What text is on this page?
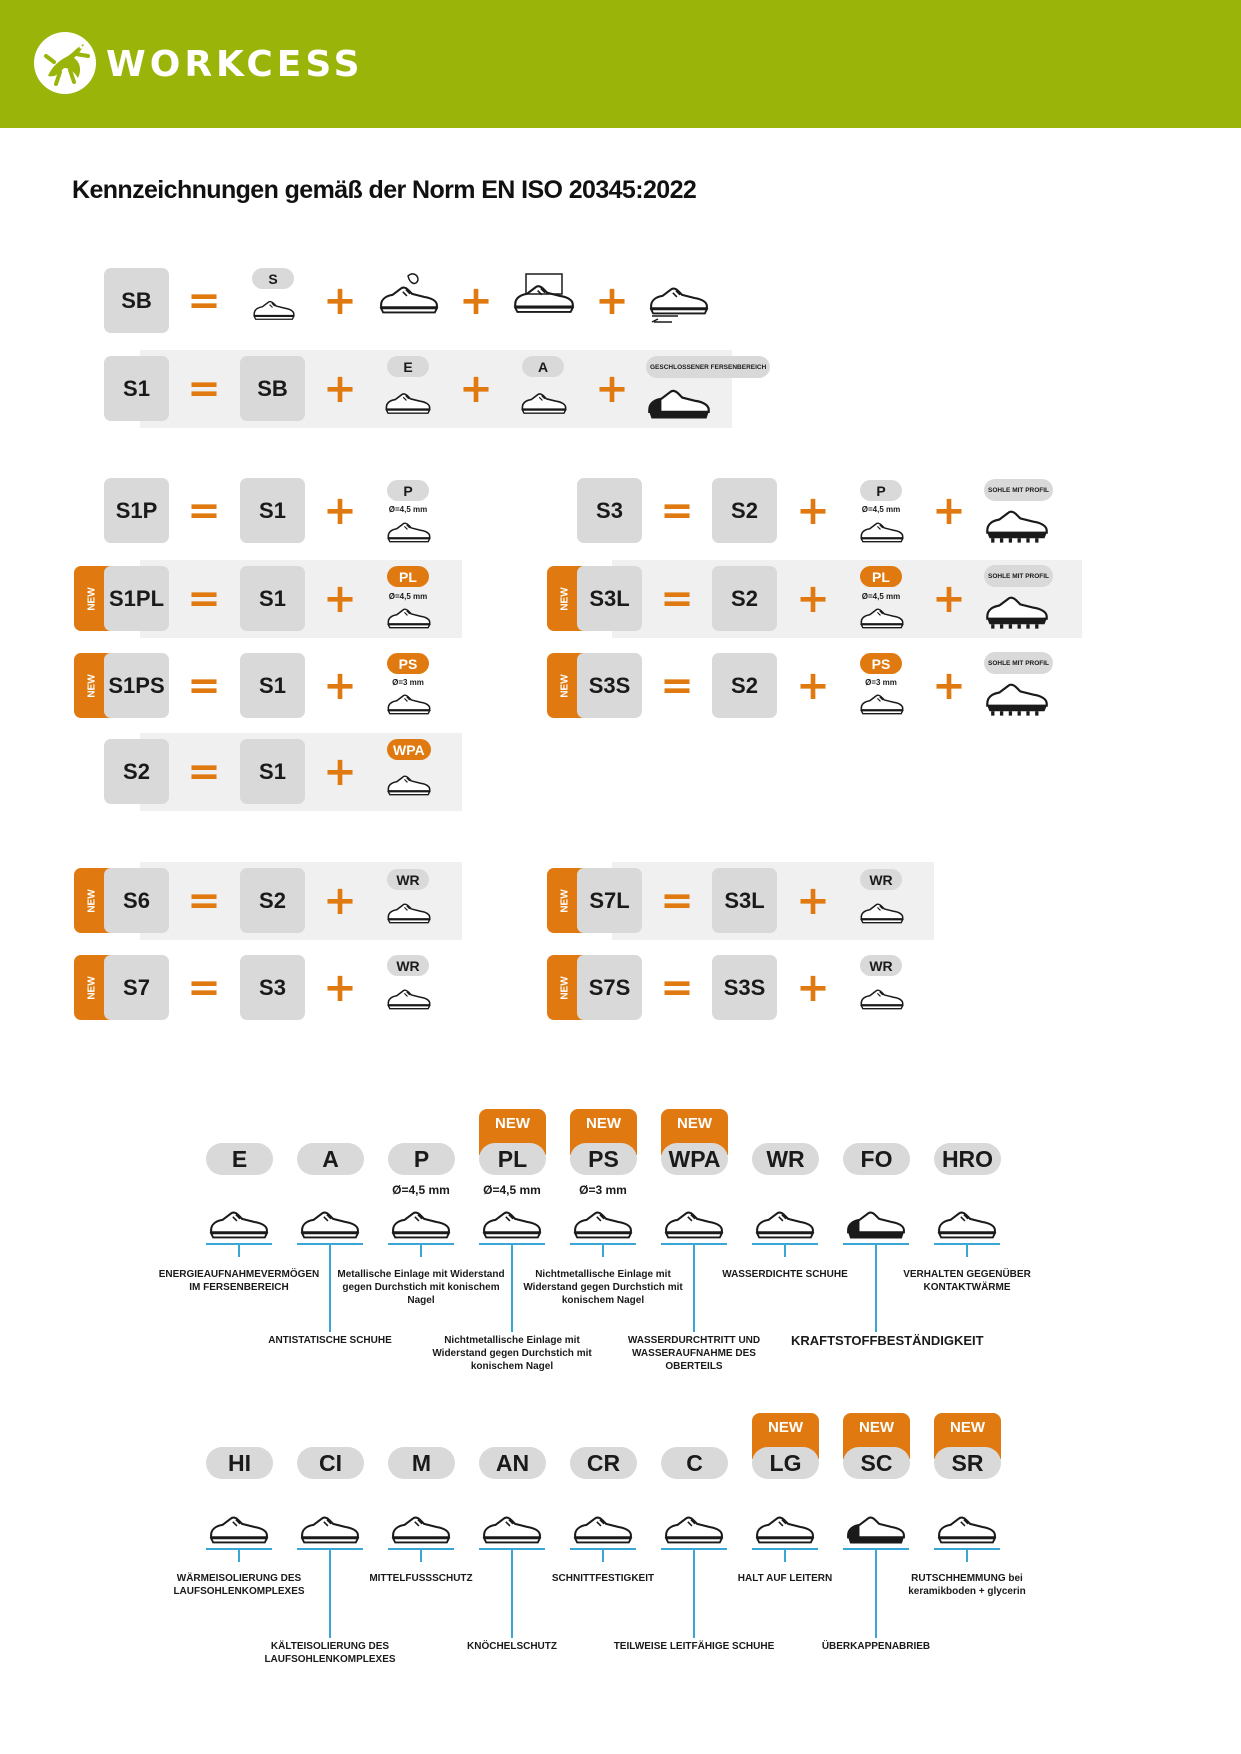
WORKCESS
Kennzeichnungen gemäß der Norm EN ISO 20345:2022
SB =	S	+	+	+
S1 =	SB +	E	+	A	+	GESCHLOSSENER FERSENBEREICH
S1P =	S1 +	P
Ø=4,5 mm
NEW S1PL =	S1 +	PL
Ø=4,5 mm
NEW S1PS =	S1 +	PS
Ø=3 mm
S2 =	S1 +	WPA
S3 =	S2 +	P
Ø=4,5 mm +	SOHLE MIT PROFIL
NEW S3L =	S2 +	PL
Ø=4,5 mm +	SOHLE MIT PROFIL
NEW S3S =	S2 +	PS
Ø=3 mm +	SOHLE MIT PROFIL
NEW	S6 =	S2 +	WR
NEW	S7 =	S3 +	WR
NEW S7L =	S3L +	WR
NEW S7S =	S3S +	WR
E
ENERGIEAUFNAHMEVERMÖGEN IM FERSENBEREICH
A
ANTISTATISCHE SCHUHE
P
Ø=4,5 mm
Metallische Einlage mit Widerstand gegen Durchstich mit konischem Nagel
NEW
PL
Ø=4,5 mm
Nichtmetallische Einlage mit Widerstand gegen Durchstich mit konischem Nagel
NEW
PS
Ø=3 mm
Nichtmetallische Einlage mit Widerstand gegen Durchstich mit konischem Nagel
NEW
WPA
WASSERDURCHTRITT UND WASSERAUFNAHME DES OBERTEILS
WR
WASSERDICHTE SCHUHE
FO
KRAFTSTOFFBESTÄNDIGKEIT
HRO
VERHALTEN GEGENÜBER KONTAKTWÄRME
HI
WÄRMEISOLIERUNG DES LAUFSOHLENKOMPLEXES
CI
KÄLTEISOLIERUNG DES LAUFSOHLENKOMPLEXES
M
MITTELFUSSSCHUTZ
AN
KNÖCHELSCHUTZ
CR
SCHNITTFESTIGKEIT
C
TEILWEISE LEITFÄHIGE SCHUHE
NEW
LG
HALT AUF LEITERN
NEW
SC
ÜBERKAPPENABRIEB
NEW
SR
RUTSCHHEMMUNG bei keramikboden + glycerin
